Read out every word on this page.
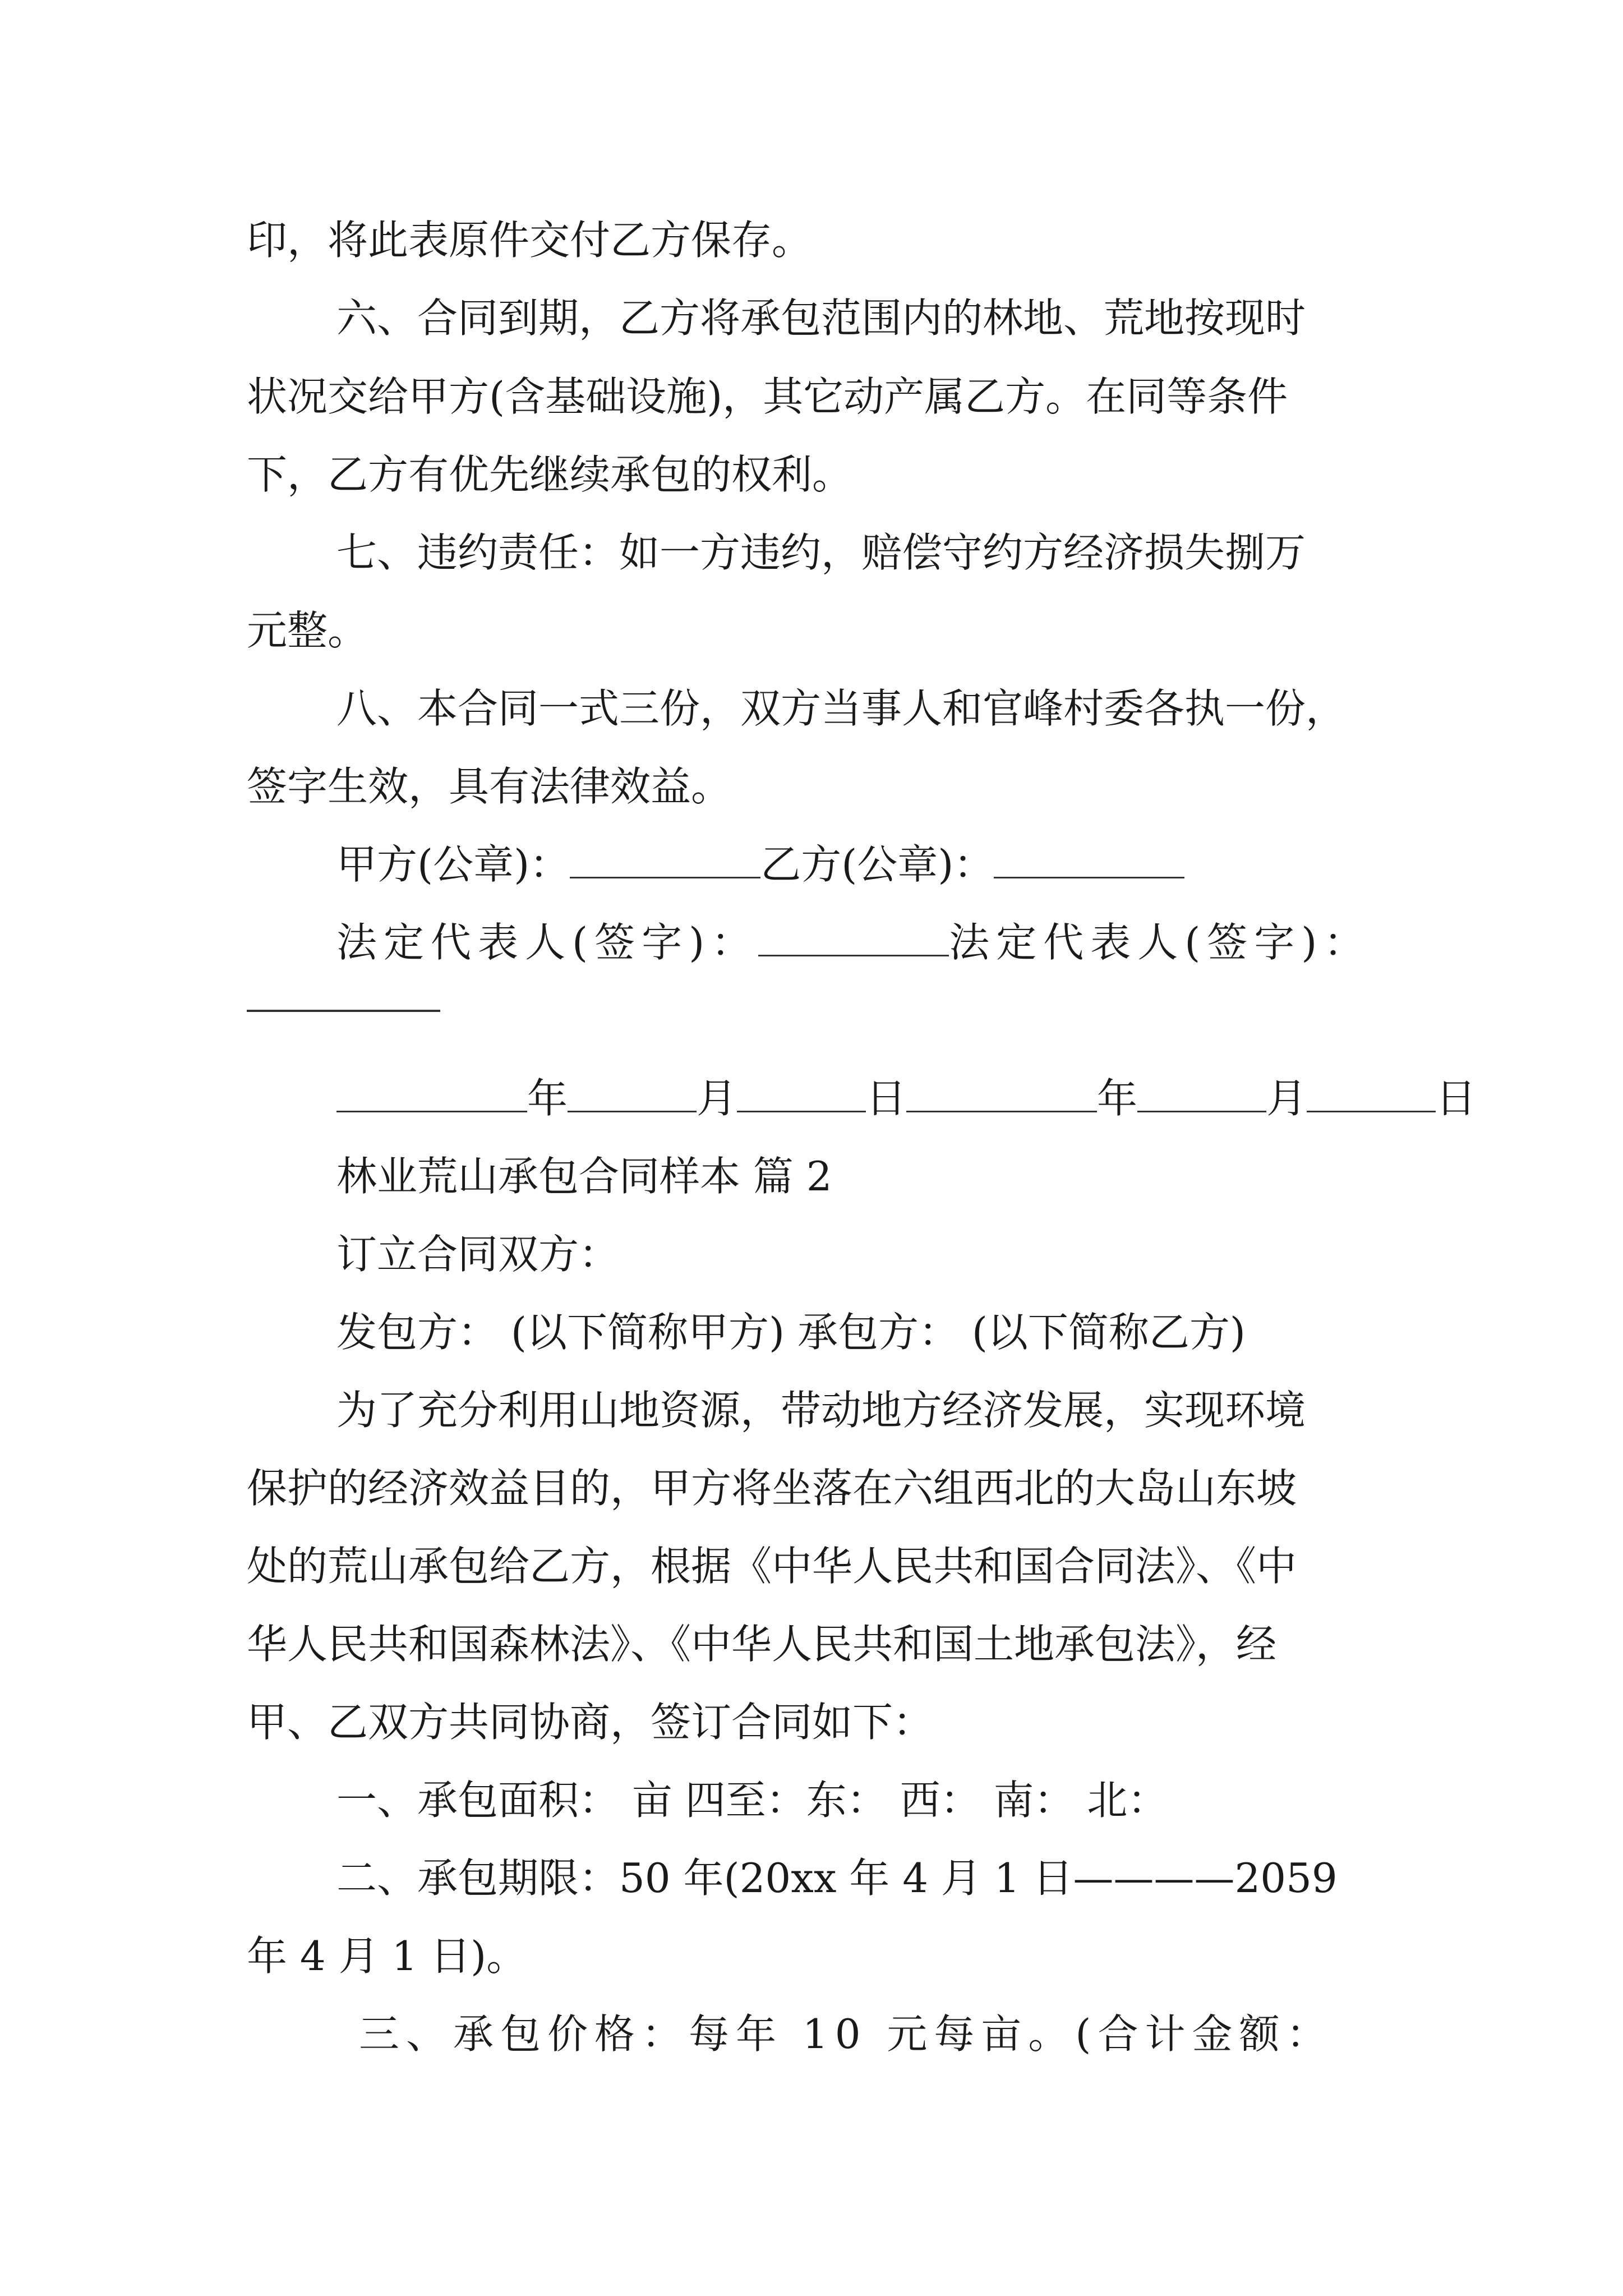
印，将此表原件交付乙方保存。

六、合同到期，乙方将承包范围内的林地、荒地按现时

状况交给甲方(含基础设施)，其它动产属乙方。在同等条件

下，乙方有优先继续承包的权利。

七、违约责任：如一方违约，赔偿守约方经济损失捌万

元整。

八、本合同一式三份，双方当事人和官峰村委各执一份，

签字生效，具有法律效益。

甲方(公章)：	乙方(公章)：

法定代表人(签字)：	法定代表人(签字)：

年	月	日	年	月	日

林业荒山承包合同样本 篇 2

订立合同双方：

发包方： (以下简称甲方) 承包方： (以下简称乙方)

为了充分利用山地资源，带动地方经济发展，实现环境

保护的经济效益目的，甲方将坐落在六组西北的大岛山东坡

处的荒山承包给乙方，根据《中华人民共和国合同法》、《中

华人民共和国森林法》、《中华人民共和国土地承包法》，经

甲、乙双方共同协商，签订合同如下：

一、承包面积： 亩 四至：东： 西： 南： 北：

二、承包期限：50 年(20xx 年 4 月 1 日————2059

年 4 月 1 日)。

三、承包价格：每年 10 元每亩。(合计金额：
